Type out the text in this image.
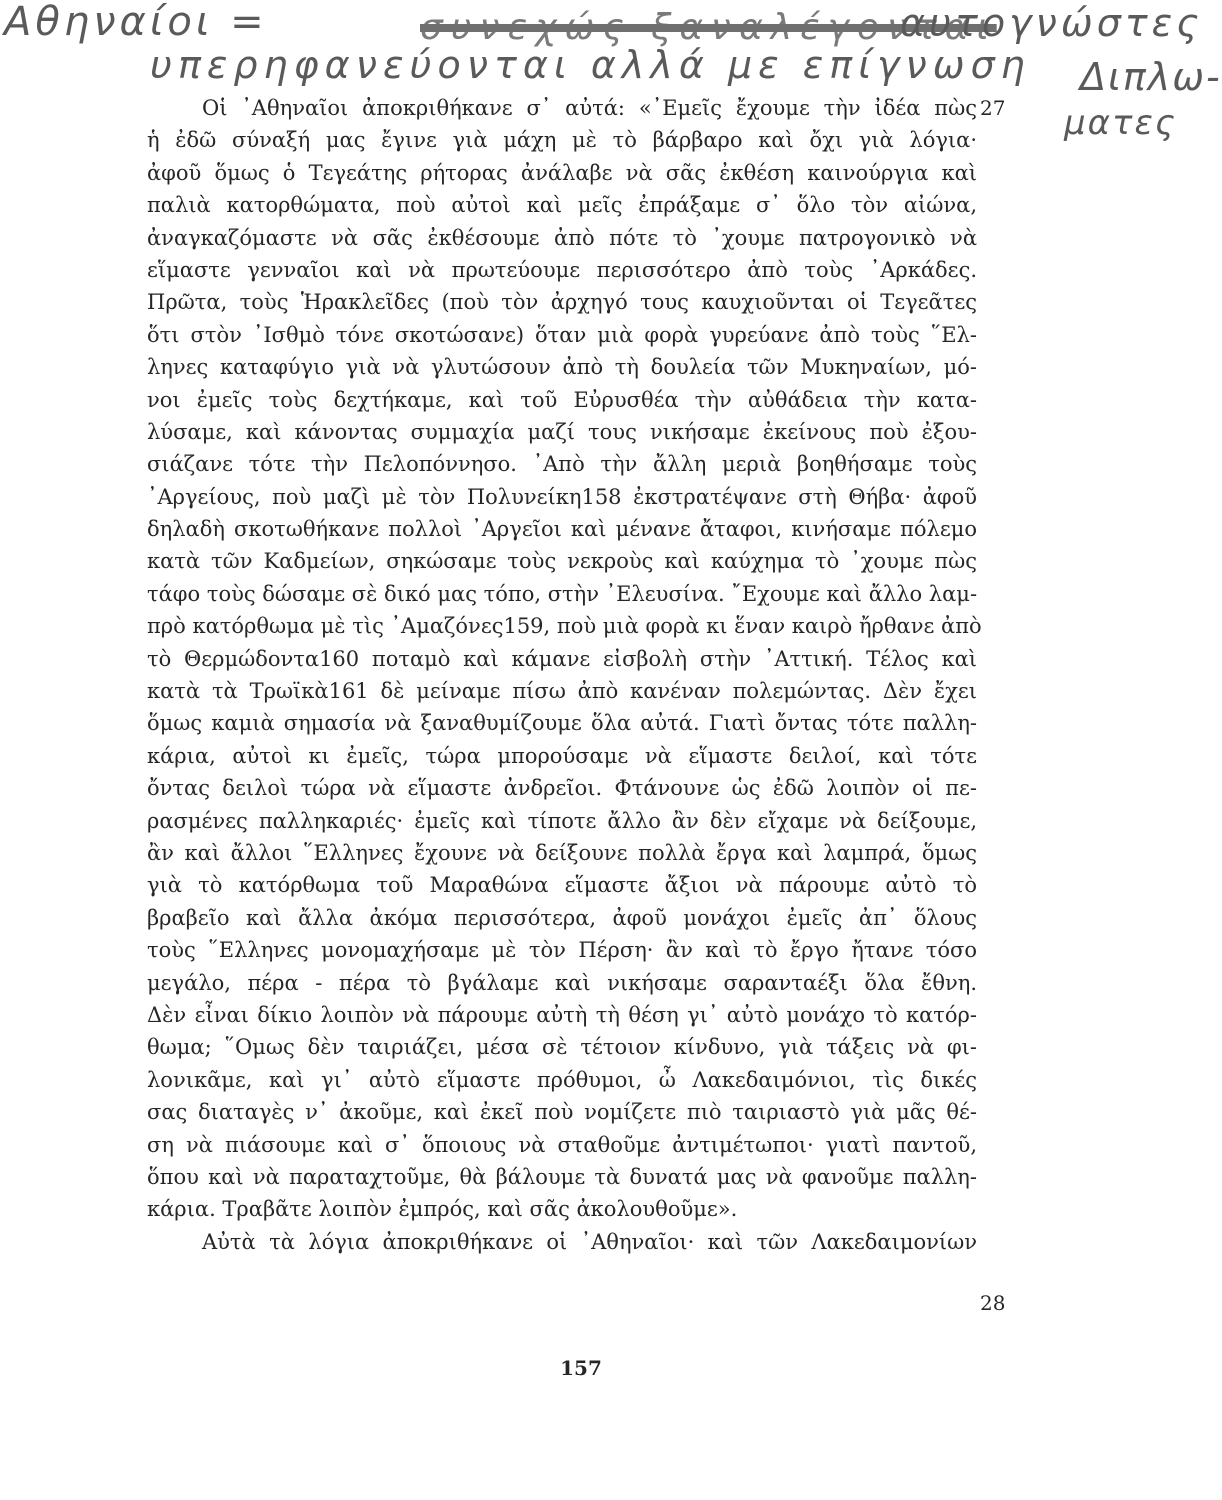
Αθηναίοι =	συνεχώς ξαναλέγονται
αυτογνώστες
υπερηφανεύονται αλλά με επίγνωση Διπλω-
ματες
27
28
Οἱ ᾿Αθηναῖοι ἀποκριθήκανε σ᾿ αὐτά: «᾿Εμεῖς ἔχουμε τὴν ἰδέα πὼς
ἡ ἐδῶ σύναξή μας ἔγινε γιὰ μάχη μὲ τὸ βάρβαρο καὶ ὄχι γιὰ λόγια·
ἀφοῦ ὅμως ὁ Τεγεάτης ρήτορας ἀνάλαβε νὰ σᾶς ἐκθέση καινούργια καὶ
παλιὰ κατορθώματα, ποὺ αὐτοὶ καὶ μεῖς ἐπράξαμε σ᾿ ὅλο τὸν αἰώνα,
ἀναγκαζόμαστε νὰ σᾶς ἐκθέσουμε ἀπὸ πότε τὸ ᾿χουμε πατρογονικὸ νὰ
εἵμαστε γενναῖοι καὶ νὰ πρωτεύουμε περισσότερο ἀπὸ τοὺς ᾿Αρκάδες.
Πρῶτα, τοὺς Ἡρακλεῖδες (ποὺ τὸν ἀρχηγό τους καυχιοῦνται οἱ Τεγεᾶτες
ὅτι στὸν ᾿Ισθμὸ τόνε σκοτώσανε) ὅταν μιὰ φορὰ γυρεύανε ἀπὸ τοὺς ῞Ελ-
ληνες καταφύγιο γιὰ νὰ γλυτώσουν ἀπὸ τὴ δουλεία τῶν Μυκηναίων, μό-
νοι ἐμεῖς τοὺς δεχτήκαμε, καὶ τοῦ Εὐρυσθέα τὴν αὐθάδεια τὴν κατα-
λύσαμε, καὶ κάνοντας συμμαχία μαζί τους νικήσαμε ἐκείνους ποὺ ἐξου-
σιάζανε τότε τὴν Πελοπόννησο. ᾿Απὸ τὴν ἄλλη μεριὰ βοηθήσαμε τοὺς
᾿Αργείους, ποὺ μαζὶ μὲ τὸν Πολυνείκη158 ἐκστρατέψανε στὴ Θήβα· ἀφοῦ
δηλαδὴ σκοτωθήκανε πολλοὶ ᾿Αργεῖοι καὶ μένανε ἄταφοι, κινήσαμε πόλεμο
κατὰ τῶν Καδμείων, σηκώσαμε τοὺς νεκροὺς καὶ καύχημα τὸ ᾿χουμε πὼς
τάφο τοὺς δώσαμε σὲ δικό μας τόπο, στὴν ᾿Ελευσίνα. ῎Εχουμε καὶ ἄλλο λαμ-
πρὸ κατόρθωμα μὲ τὶς ᾿Αμαζόνες159, ποὺ μιὰ φορὰ κι ἕναν καιρὸ ἤρθανε ἀπὸ
τὸ Θερμώδοντα160 ποταμὸ καὶ κάμανε εἰσβολὴ στὴν ᾿Αττική. Τέλος καὶ
κατὰ τὰ Τρωϊκὰ161 δὲ μείναμε πίσω ἀπὸ κανέναν πολεμώντας. Δὲν ἔχει
ὅμως καμιὰ σημασία νὰ ξαναθυμίζουμε ὅλα αὐτά. Γιατὶ ὄντας τότε παλλη-
κάρια, αὐτοὶ κι ἐμεῖς, τώρα μπορούσαμε νὰ εἵμαστε δειλοί, καὶ τότε
ὄντας δειλοὶ τώρα νὰ εἵμαστε ἀνδρεῖοι. Φτάνουνε ὡς ἐδῶ λοιπὸν οἱ πε-
ρασμένες παλληκαριές· ἐμεῖς καὶ τίποτε ἄλλο ἂν δὲν εἴχαμε νὰ δείξουμε,
ἂν καὶ ἄλλοι ῞Ελληνες ἔχουνε νὰ δείξουνε πολλὰ ἔργα καὶ λαμπρά, ὅμως
γιὰ τὸ κατόρθωμα τοῦ Μαραθώνα εἵμαστε ἄξιοι νὰ πάρουμε αὐτὸ τὸ
βραβεῖο καὶ ἄλλα ἀκόμα περισσότερα, ἀφοῦ μονάχοι ἐμεῖς ἀπ᾿ ὅλους
τοὺς ῞Ελληνες μονομαχήσαμε μὲ τὸν Πέρση· ἂν καὶ τὸ ἔργο ἤτανε τόσο
μεγάλο, πέρα - πέρα τὸ βγάλαμε καὶ νικήσαμε σαρανταέξι ὅλα ἔθνη.
Δὲν εἶναι δίκιο λοιπὸν νὰ πάρουμε αὐτὴ τὴ θέση γι᾿ αὐτὸ μονάχο τὸ κατόρ-
θωμα; ῞Ομως δὲν ταιριάζει, μέσα σὲ τέτοιον κίνδυνο, γιὰ τάξεις νὰ φι-
λονικᾶμε, καὶ γι᾿ αὐτὸ εἵμαστε πρόθυμοι, ὦ Λακεδαιμόνιοι, τὶς δικές
σας διαταγὲς ν᾿ ἀκοῦμε, καὶ ἐκεῖ ποὺ νομίζετε πιὸ ταιριαστὸ γιὰ μᾶς θέ-
ση νὰ πιάσουμε καὶ σ᾿ ὅποιους νὰ σταθοῦμε ἀντιμέτωποι· γιατὶ παντοῦ,
ὅπου καὶ νὰ παραταχτοῦμε, θὰ βάλουμε τὰ δυνατά μας νὰ φανοῦμε παλλη-
κάρια. Τραβᾶτε λοιπὸν ἐμπρός, καὶ σᾶς ἀκολουθοῦμε».
Αὐτὰ τὰ λόγια ἀποκριθήκανε οἱ ᾿Αθηναῖοι· καὶ τῶν Λακεδαιμονίων
157
